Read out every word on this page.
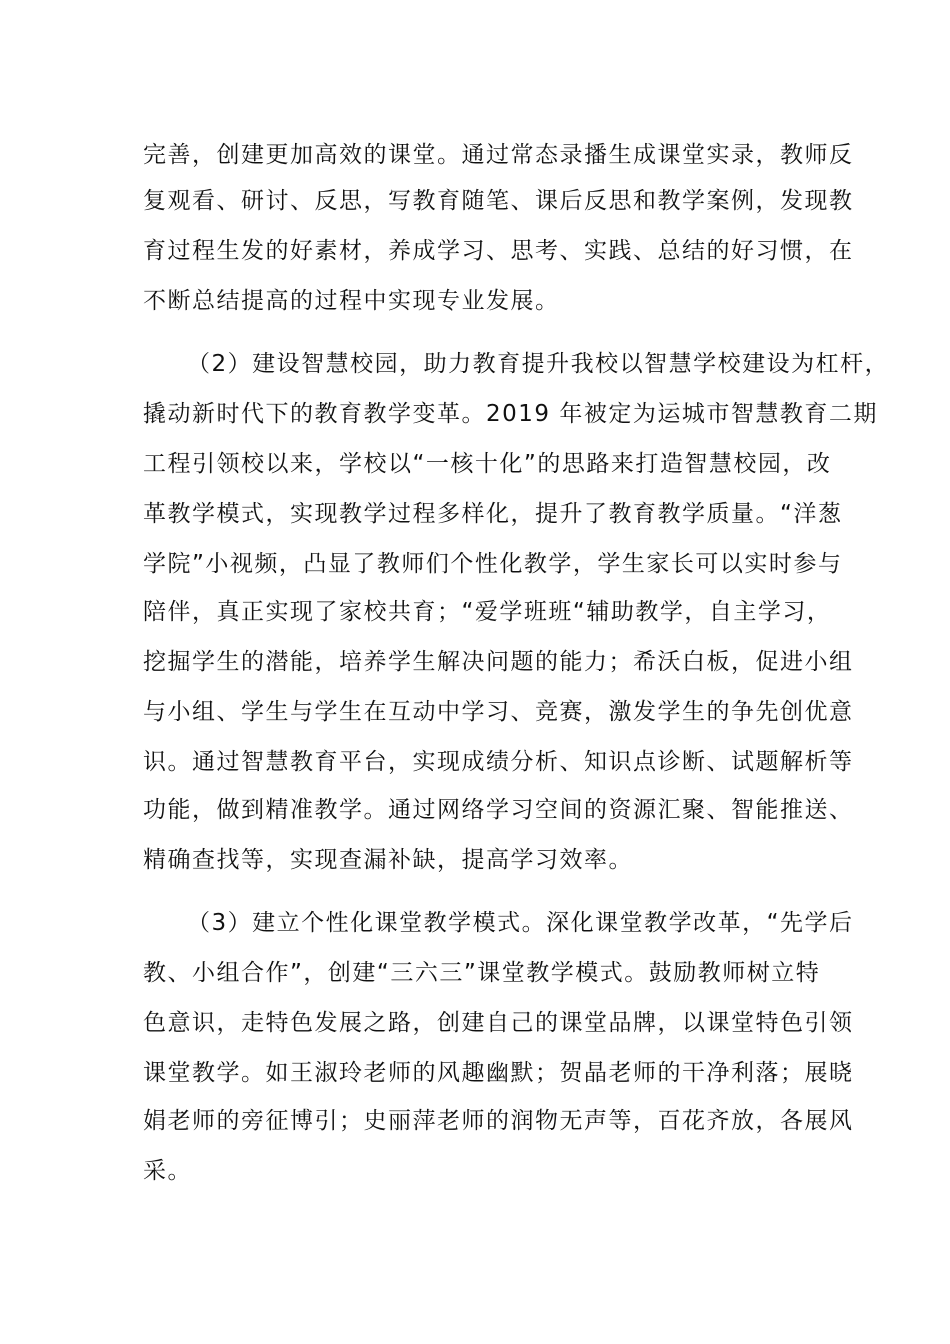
完善，创建更加高效的课堂。通过常态录播生成课堂实录，教师反

复观看、研讨、反思，写教育随笔、课后反思和教学案例，发现教

育过程生发的好素材，养成学习、思考、实践、总结的好习惯，在

不断总结提高的过程中实现专业发展。

（2）建设智慧校园，助力教育提升我校以智慧学校建设为杠杆，

撬动新时代下的教育教学变革。2019 年被定为运城市智慧教育二期

工程引领校以来，学校以“一核十化”的思路来打造智慧校园，改

革教学模式，实现教学过程多样化，提升了教育教学质量。“洋葱

学院”小视频，凸显了教师们个性化教学，学生家长可以实时参与

陪伴，真正实现了家校共育；“爱学班班“辅助教学，自主学习，

挖掘学生的潜能，培养学生解决问题的能力；希沃白板，促进小组

与小组、学生与学生在互动中学习、竞赛，激发学生的争先创优意

识。通过智慧教育平台，实现成绩分析、知识点诊断、试题解析等

功能，做到精准教学。通过网络学习空间的资源汇聚、智能推送、

精确查找等，实现查漏补缺，提高学习效率。

（3）建立个性化课堂教学模式。深化课堂教学改革，“先学后

教、小组合作”，创建“三六三”课堂教学模式。鼓励教师树立特

色意识，走特色发展之路，创建自己的课堂品牌，以课堂特色引领

课堂教学。如王淑玲老师的风趣幽默；贺晶老师的干净利落；展晓

娟老师的旁征博引；史丽萍老师的润物无声等，百花齐放，各展风

采。
